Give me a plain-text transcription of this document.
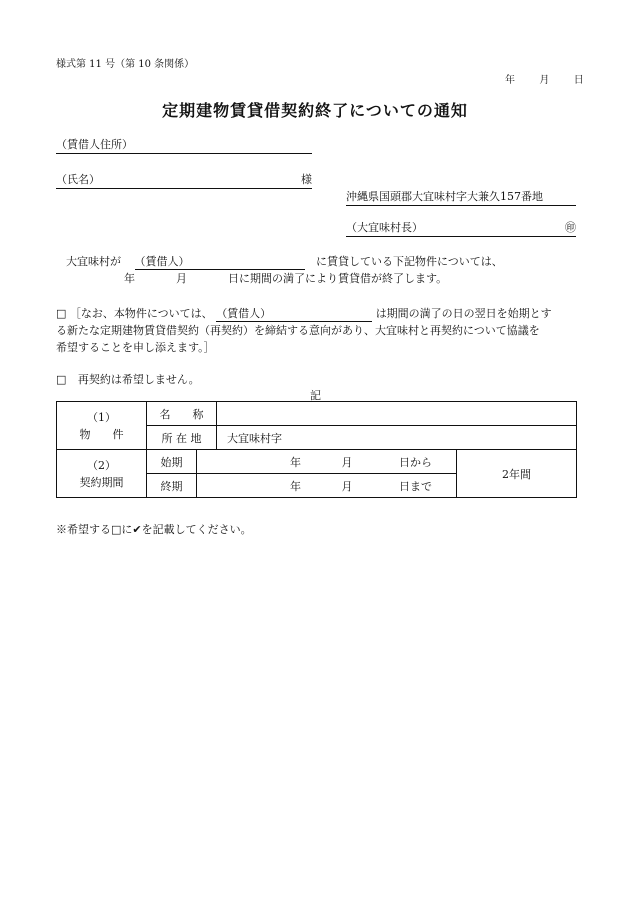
様式第 11 号（第 10 条関係）
年 月 日
定期建物賃貸借契約終了についての通知
（賃借人住所）
（氏名）	様
沖縄県国頭郡大宜味村字大兼久157番地
（大宜味村長）	㊞
大宜味村が （賃借人）	に賃貸している下記物件については、
年	月	日に期間の満了により賃貸借が終了します。
□ ［なお、本物件については、 （賃借人）	は期間の満了の日の翌日を始期とす
る新たな定期建物賃貸借契約（再契約）を締結する意向があり、大宜味村と再契約について協議を
希望することを申し添えます。］
□ 再契約は希望しません。
記
（1）
物　　件	名　　称			
	所 在 地		大宜味村字	

（2）
契約期間	始期	年 月 日から		2年間
	終期	年 月 日まで		
※希望する□に✔を記載してください。
